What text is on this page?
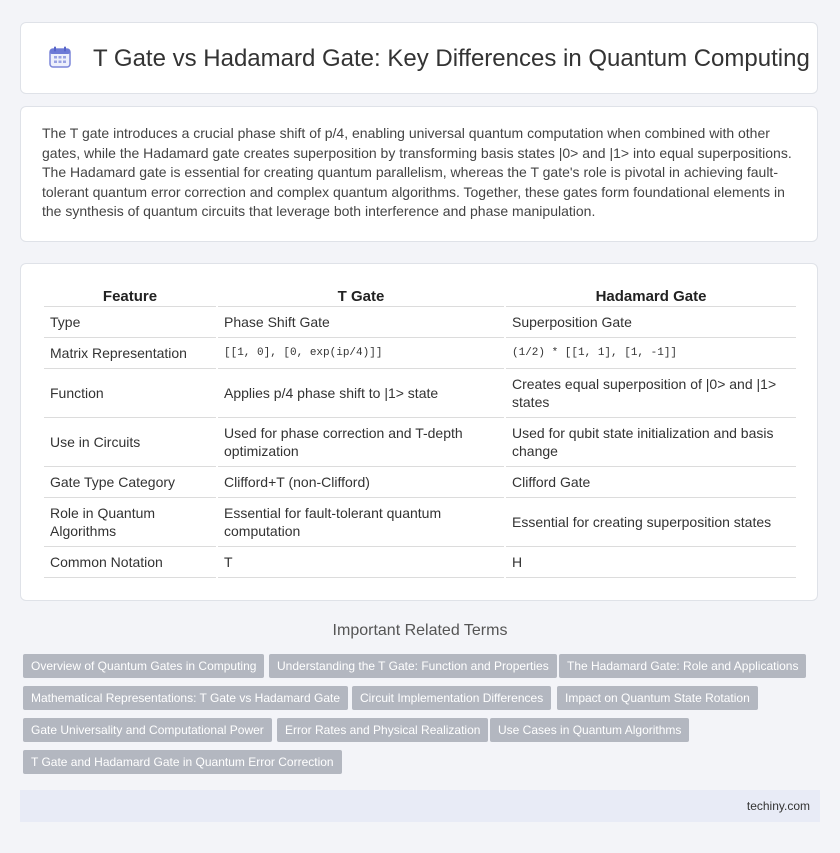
T Gate vs Hadamard Gate: Key Differences in Quantum Computing

The T gate introduces a crucial phase shift of p/4, enabling universal quantum computation when combined with other gates, while the Hadamard gate creates superposition by transforming basis states |0> and |1> into equal superpositions. The Hadamard gate is essential for creating quantum parallelism, whereas the T gate's role is pivotal in achieving fault-tolerant quantum error correction and complex quantum algorithms. Together, these gates form foundational elements in the synthesis of quantum circuits that leverage both interference and phase manipulation.

Feature	T Gate	Hadamard Gate
Type	Phase Shift Gate	Superposition Gate
Matrix Representation	[[1, 0], [0, exp(ip/4)]]	(1/2) * [[1, 1], [1, -1]]
Function	Applies p/4 phase shift to |1> state	Creates equal superposition of |0> and |1> states
Use in Circuits	Used for phase correction and T-depth optimization	Used for qubit state initialization and basis change
Gate Type Category	Clifford+T (non-Clifford)	Clifford Gate
Role in Quantum Algorithms	Essential for fault-tolerant quantum computation	Essential for creating superposition states
Common Notation	T	H
Important Related Terms
Overview of Quantum Gates in Computing	Understanding the T Gate: Function and Properties	The Hadamard Gate: Role and Applications
Mathematical Representations: T Gate vs Hadamard Gate	Circuit Implementation Differences	Impact on Quantum State Rotation
Gate Universality and Computational Power	Error Rates and Physical Realization	Use Cases in Quantum Algorithms
T Gate and Hadamard Gate in Quantum Error Correction
techiny.com
